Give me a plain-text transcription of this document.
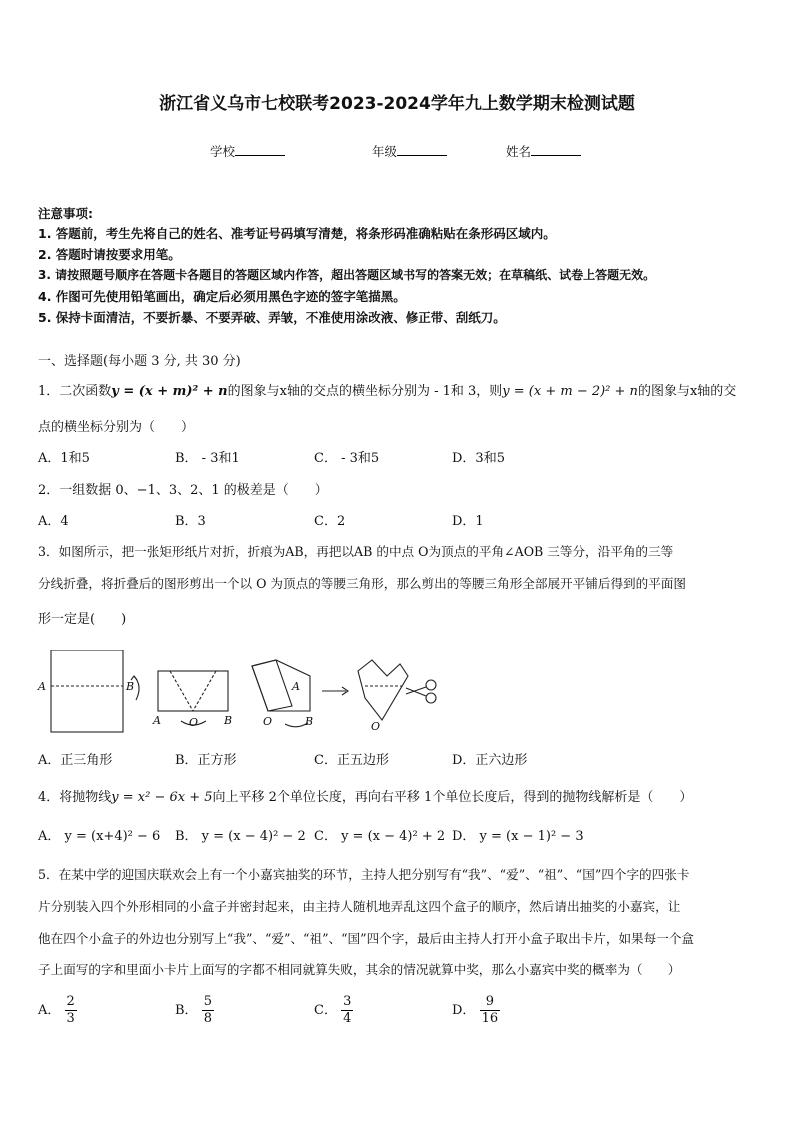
浙江省义乌市七校联考2023-2024学年九上数学期末检测试题
学校	年级	姓名
注意事项:
1. 答题前，考生先将自己的姓名、准考证号码填写清楚，将条形码准确粘贴在条形码区域内。
2. 答题时请按要求用笔。
3. 请按照题号顺序在答题卡各题目的答题区域内作答，超出答题区域书写的答案无效；在草稿纸、试卷上答题无效。
4. 作图可先使用铅笔画出，确定后必须用黑色字迹的签字笔描黑。
5. 保持卡面清洁，不要折暴、不要弄破、弄皱，不准使用涂改液、修正带、刮纸刀。
一、选择题(每小题 3 分, 共 30 分)
1．二次函数y = (x + m)² + n的图象与x轴的交点的横坐标分别为 - 1和 3，则y = (x + m − 2)² + n的图象与x轴的交
点的横坐标分别为（　　）
A．1和5	B． - 3和1	C． - 3和5	D．3和5
2．一组数据 0、−1、3、2、1 的极差是（　　）
A．4	B．3	C．2	D．1
3．如图所示，把一张矩形纸片对折，折痕为AB，再把以AB 的中点 O为顶点的平角∠AOB 三等分，沿平角的三等
分线折叠，将折叠后的图形剪出一个以 O 为顶点的等腰三角形，那么剪出的等腰三角形全部展开平铺后得到的平面图
形一定是(　　)
A	B
A	O B
A
O	B	O
A．正三角形	B．正方形	C．正五边形	D．正六边形
4．将抛物线y = x² − 6x + 5向上平移 2个单位长度，再向右平移 1个单位长度后，得到的抛物线解析是（　　）
A． y = (x+4)² − 6 B． y = (x − 4)² − 2 C． y = (x − 4)² + 2 D． y = (x − 1)² − 3
5．在某中学的迎国庆联欢会上有一个小嘉宾抽奖的环节，主持人把分别写有“我”、“爱”、“祖”、“国”四个字的四张卡
片分别装入四个外形相同的小盒子并密封起来，由主持人随机地弄乱这四个盒子的顺序，然后请出抽奖的小嘉宾，让
他在四个小盒子的外边也分别写上“我”、“爱”、“祖”、“国”四个字，最后由主持人打开小盒子取出卡片，如果每一个盒
子上面写的字和里面小卡片上面写的字都不相同就算失败，其余的情况就算中奖，那么小嘉宾中奖的概率为（　　）
A． $\frac{2}{3}$	B． $\frac{5}{8}$	C． $\frac{3}{4}$	D． $\frac{9}{16}$
